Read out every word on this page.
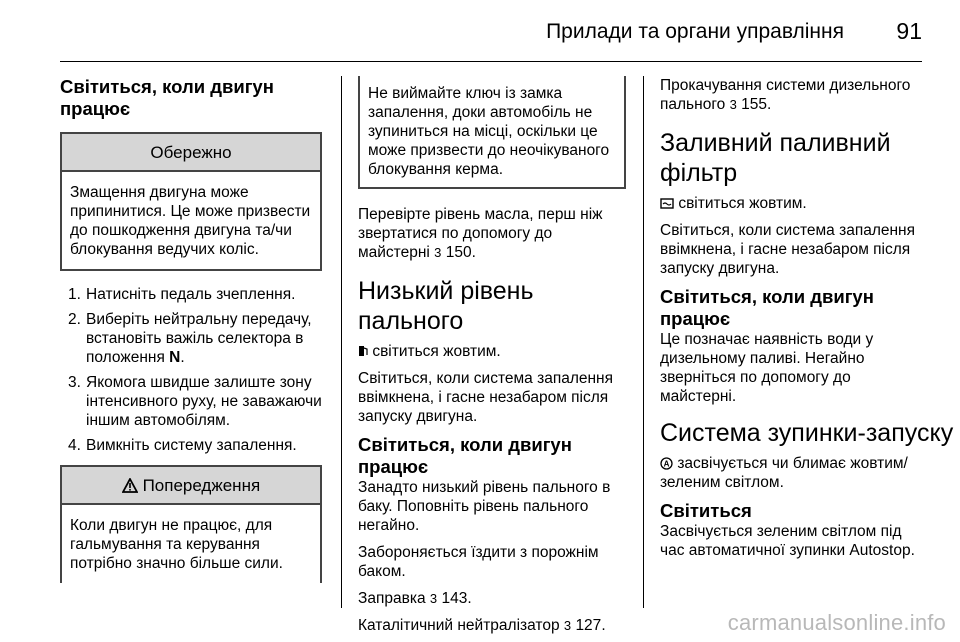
Прилади та органи управління 91
Світиться, коли двигун працює
Обережно
Змащення двигуна може припинитися. Це може призвести до пошкодження двигуна та/чи блокування ведучих коліс.
1. Натисніть педаль зчеплення.
2. Виберіть нейтральну передачу, встановіть важіль селектора в положення N.
3. Якомога швидше залиште зону інтенсивного руху, не заважаючи іншим автомобілям.
4. Вимкніть систему запалення.
Попередження
Коли двигун не працює, для гальмування та керування потрібно значно більше сили.
Не виймайте ключ із замка запалення, доки автомобіль не зупиниться на місці, оскільки це може призвести до неочікуваного блокування керма.

Перевірте рівень масла, перш ніж звертатися по допомогу до майстерні 3 150.

Низький рівень пального

світиться жовтим.

Світиться, коли система запалення ввімкнена, і гасне незабаром після запуску двигуна.

Світиться, коли двигун працює

Занадто низький рівень пального в баку. Поповніть рівень пального негайно.

Забороняється їздити з порожнім баком.

Заправка 3 143.

Каталітичний нейтралізатор 3 127.

Прокачування системи дизельного пального 3 155.

Заливний паливний фільтр

світиться жовтим.

Світиться, коли система запалення ввімкнена, і гасне незабаром після запуску двигуна.

Світиться, коли двигун працює

Це позначає наявність води у дизельному паливі. Негайно зверніться по допомогу до майстерні.

Система зупинки-запуску

A засвічується чи блимає жовтим/зеленим світлом.

Світиться

Засвічується зеленим світлом під час автоматичної зупинки Autostop.

carmanualsonline.info
